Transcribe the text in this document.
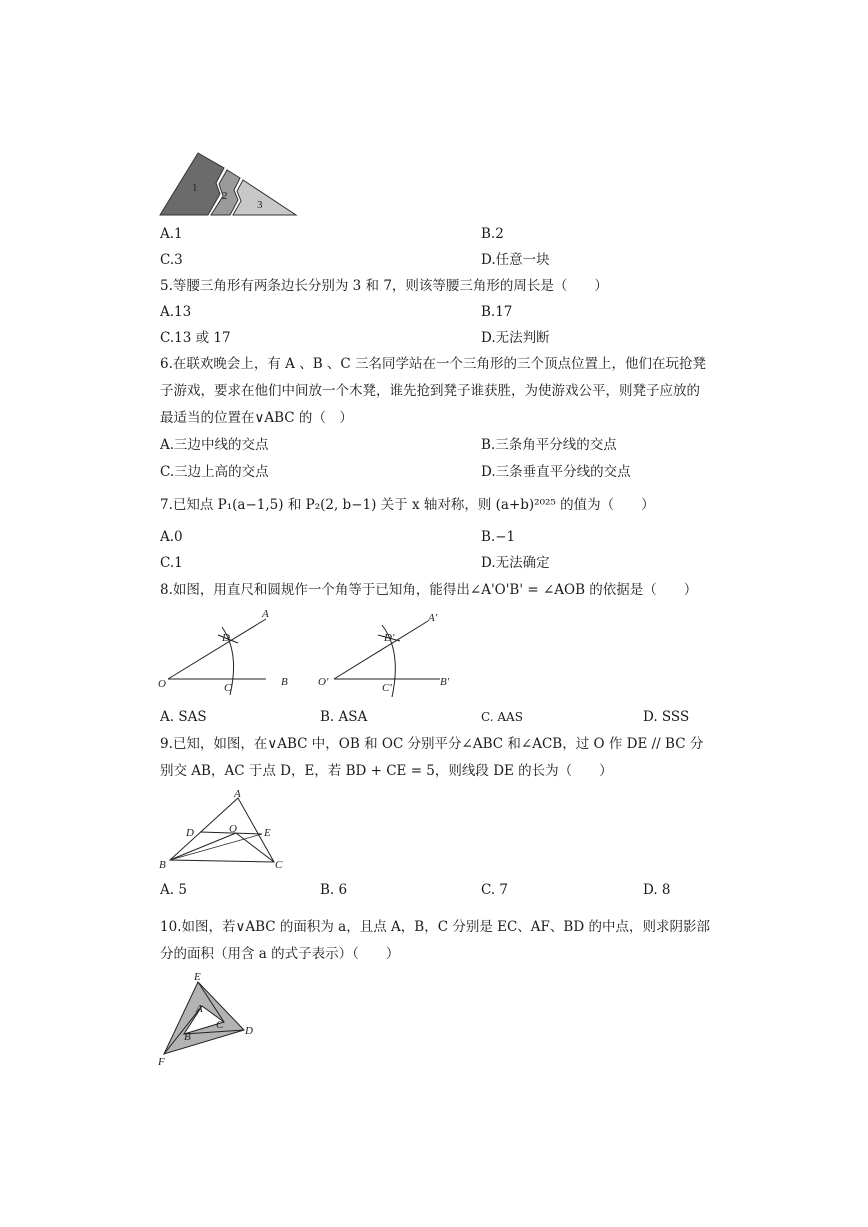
1
2
3
A.1	B.2
C.3	D.任意一块
5.等腰三角形有两条边长分别为 3 和 7，则该等腰三角形的周长是（　　）
A.13	B.17
C.13 或 17	D.无法判断
6.在联欢晚会上，有 A 、B 、C 三名同学站在一个三角形的三个顶点位置上，他们在玩抢凳
子游戏，要求在他们中间放一个木凳，谁先抢到凳子谁获胜，为使游戏公平，则凳子应放的
最适当的位置在∨ABC 的（　）
A.三边中线的交点	B.三条角平分线的交点
C.三边上高的交点	D.三条垂直平分线的交点
7.已知点 P₁(a−1,5) 和 P₂(2, b−1) 关于 x 轴对称，则 (a+b)²⁰²⁵ 的值为（　　）
A.0	B.−1
C.1	D.无法确定
8.如图，用直尺和圆规作一个角等于已知角，能得出∠A'O'B' = ∠AOB 的依据是（　　）
O
A
D
C	B	O'
A'
D'
C'	B'
A. SAS	B. ASA	C. AAS	D. SSS
9.已知，如图，在∨ABC 中，OB 和 OC 分别平分∠ABC 和∠ACB，过 O 作 DE // BC 分
别交 AB，AC 于点 D，E，若 BD + CE = 5，则线段 DE 的长为（　　）
A
D	O E
B	C
A. 5	B. 6	C. 7	D. 8
10.如图，若∨ABC 的面积为 a，且点 A，B，C 分别是 EC、AF、BD 的中点，则求阴影部
分的面积（用含 a 的式子表示）（　　）
E
A
C
B	D
F
